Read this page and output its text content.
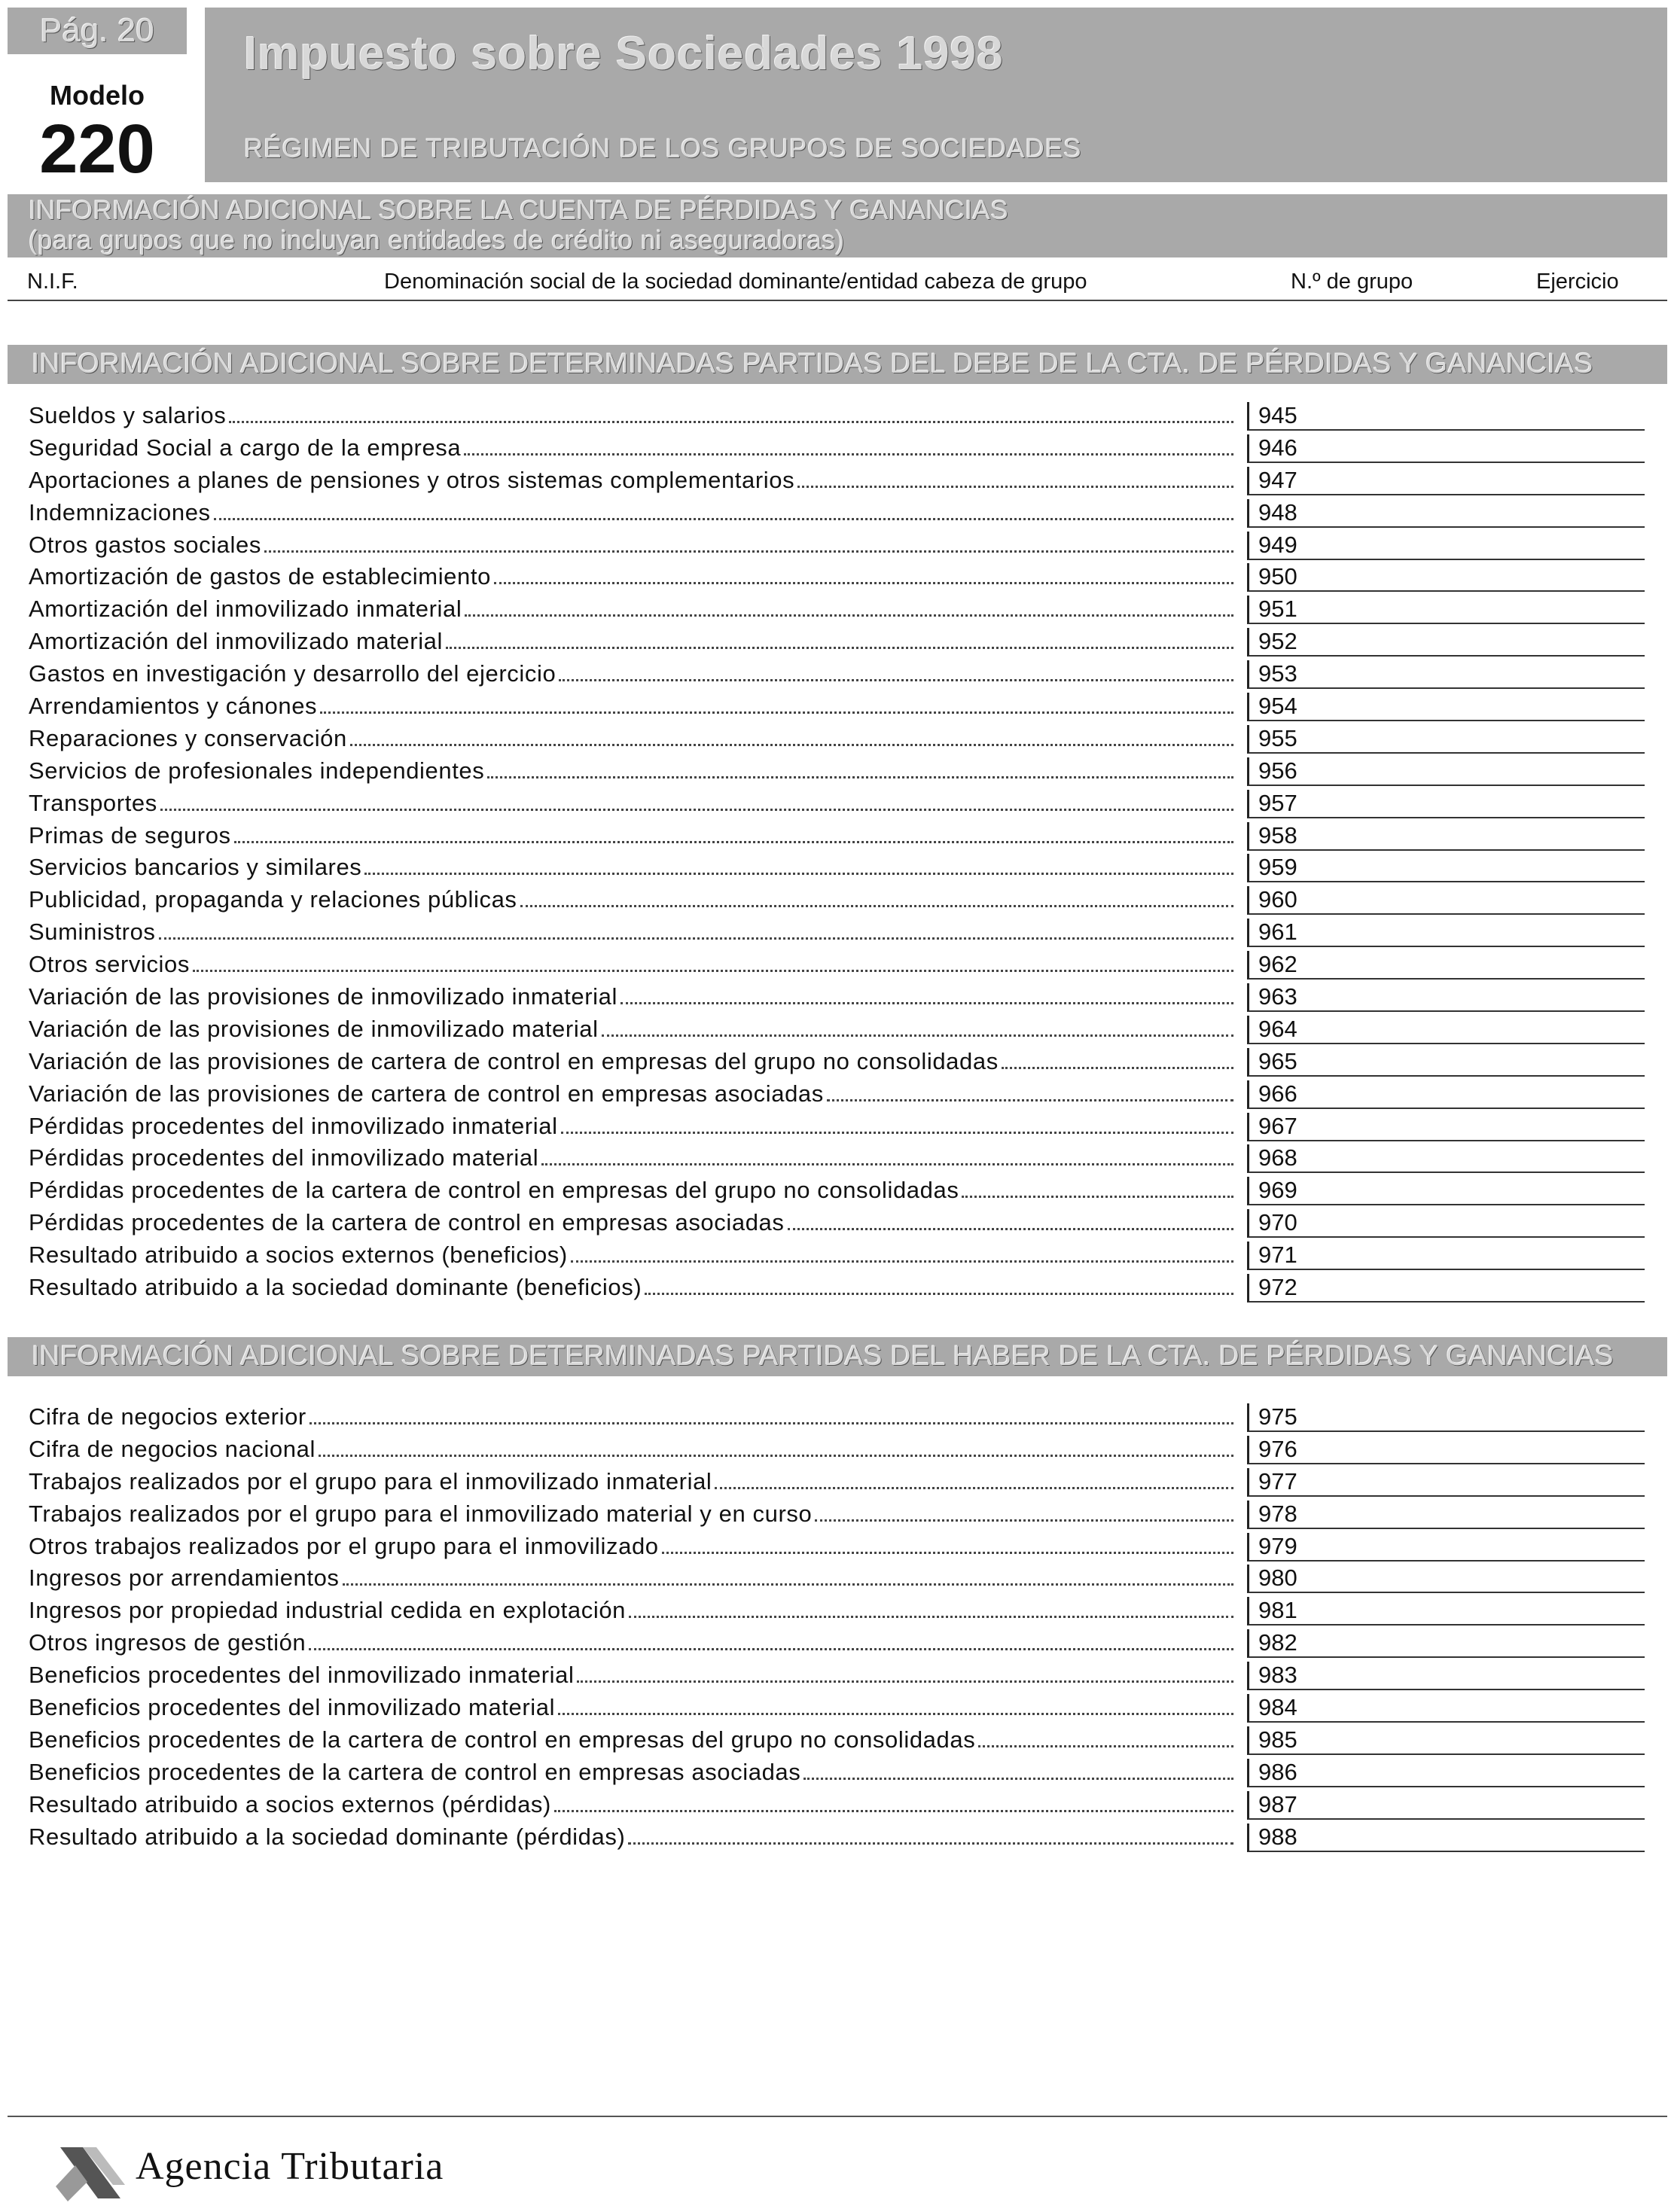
Pág. 20
Modelo
220
Impuesto sobre Sociedades 1998
RÉGIMEN DE TRIBUTACIÓN DE LOS GRUPOS DE SOCIEDADES
INFORMACIÓN ADICIONAL SOBRE LA CUENTA DE PÉRDIDAS Y GANANCIAS
(para grupos que no incluyan entidades de crédito ni aseguradoras)
N.I.F.	Denominación social de la sociedad dominante/entidad cabeza de grupo	N.º de grupo	Ejercicio
INFORMACIÓN ADICIONAL SOBRE DETERMINADAS PARTIDAS DEL DEBE DE LA CTA. DE PÉRDIDAS Y GANANCIAS
Sueldos y salarios	945
Seguridad Social a cargo de la empresa	946
Aportaciones a planes de pensiones y otros sistemas complementarios	947
Indemnizaciones	948
Otros gastos sociales	949
Amortización de gastos de establecimiento	950
Amortización del inmovilizado inmaterial	951
Amortización del inmovilizado material	952
Gastos en investigación y desarrollo del ejercicio	953
Arrendamientos y cánones	954
Reparaciones y conservación	955
Servicios de profesionales independientes	956
Transportes	957
Primas de seguros	958
Servicios bancarios y similares	959
Publicidad, propaganda y relaciones públicas	960
Suministros	961
Otros servicios	962
Variación de las provisiones de inmovilizado inmaterial	963
Variación de las provisiones de inmovilizado material	964
Variación de las provisiones de cartera de control en empresas del grupo no consolidadas	965
Variación de las provisiones de cartera de control en empresas asociadas	966
Pérdidas procedentes del inmovilizado inmaterial	967
Pérdidas procedentes del inmovilizado material	968
Pérdidas procedentes de la cartera de control en empresas del grupo no consolidadas	969
Pérdidas procedentes de la cartera de control en empresas asociadas	970
Resultado atribuido a socios externos (beneficios)	971
Resultado atribuido a la sociedad dominante (beneficios)	972
INFORMACIÓN ADICIONAL SOBRE DETERMINADAS PARTIDAS DEL HABER DE LA CTA. DE PÉRDIDAS Y GANANCIAS
Cifra de negocios exterior	975
Cifra de negocios nacional	976
Trabajos realizados por el grupo para el inmovilizado inmaterial	977
Trabajos realizados por el grupo para el inmovilizado material y en curso	978
Otros trabajos realizados por el grupo para el inmovilizado	979
Ingresos por arrendamientos	980
Ingresos por propiedad industrial cedida en explotación	981
Otros ingresos de gestión	982
Beneficios procedentes del inmovilizado inmaterial	983
Beneficios procedentes del inmovilizado material	984
Beneficios procedentes de la cartera de control en empresas del grupo no consolidadas	985
Beneficios procedentes de la cartera de control en empresas asociadas	986
Resultado atribuido a socios externos (pérdidas)	987
Resultado atribuido a la sociedad dominante (pérdidas)	988
Agencia Tributaria
